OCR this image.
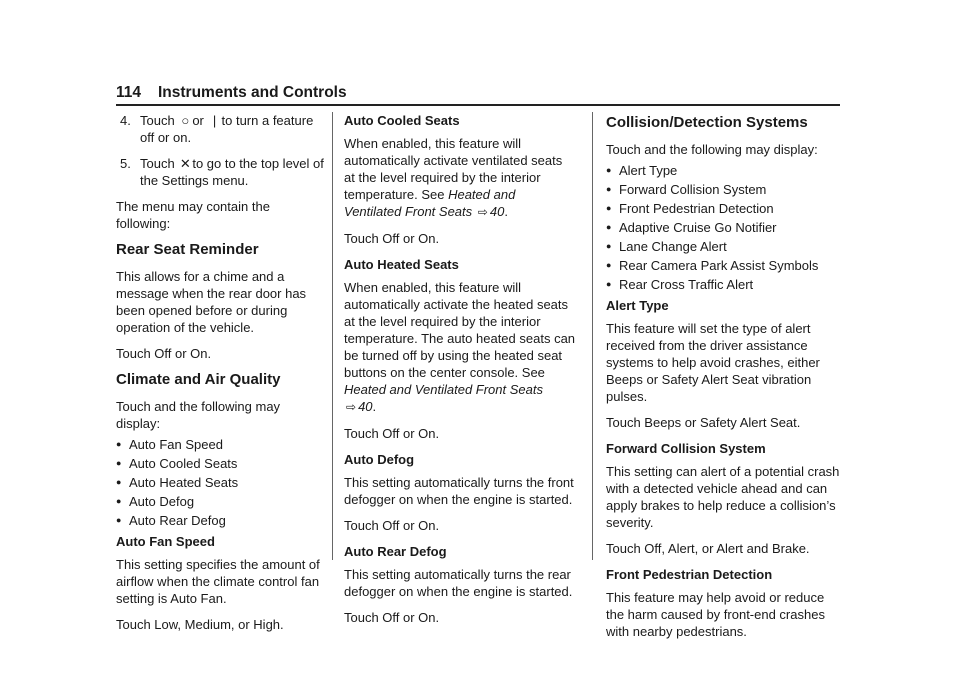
114 Instruments and Controls
4. Touch ○ or | to turn a feature off or on.
5. Touch ✕ to go to the top level of the Settings menu.

The menu may contain the following:

Rear Seat Reminder

This allows for a chime and a message when the rear door has been opened before or during operation of the vehicle.

Touch Off or On.

Climate and Air Quality

Touch and the following may display:

● Auto Fan Speed
● Auto Cooled Seats
● Auto Heated Seats
● Auto Defog
● Auto Rear Defog

Auto Fan Speed

This setting specifies the amount of airflow when the climate control fan setting is Auto Fan.

Touch Low, Medium, or High.

Auto Cooled Seats

When enabled, this feature will automatically activate ventilated seats at the level required by the interior temperature. See Heated and Ventilated Front Seats ⇨ 40.

Touch Off or On.

Auto Heated Seats

When enabled, this feature will automatically activate the heated seats at the level required by the interior temperature. The auto heated seats can be turned off by using the heated seat buttons on the center console. See Heated and Ventilated Front Seats ⇨ 40.

Touch Off or On.

Auto Defog

This setting automatically turns the front defogger on when the engine is started.

Touch Off or On.

Auto Rear Defog

This setting automatically turns the rear defogger on when the engine is started.

Touch Off or On.

Collision/Detection Systems

Touch and the following may display:

● Alert Type
● Forward Collision System
● Front Pedestrian Detection
● Adaptive Cruise Go Notifier
● Lane Change Alert
● Rear Camera Park Assist Symbols
● Rear Cross Traffic Alert

Alert Type

This feature will set the type of alert received from the driver assistance systems to help avoid crashes, either Beeps or Safety Alert Seat vibration pulses.

Touch Beeps or Safety Alert Seat.

Forward Collision System

This setting can alert of a potential crash with a detected vehicle ahead and can apply brakes to help reduce a collision’s severity.

Touch Off, Alert, or Alert and Brake.

Front Pedestrian Detection

This feature may help avoid or reduce the harm caused by front-end crashes with nearby pedestrians.
